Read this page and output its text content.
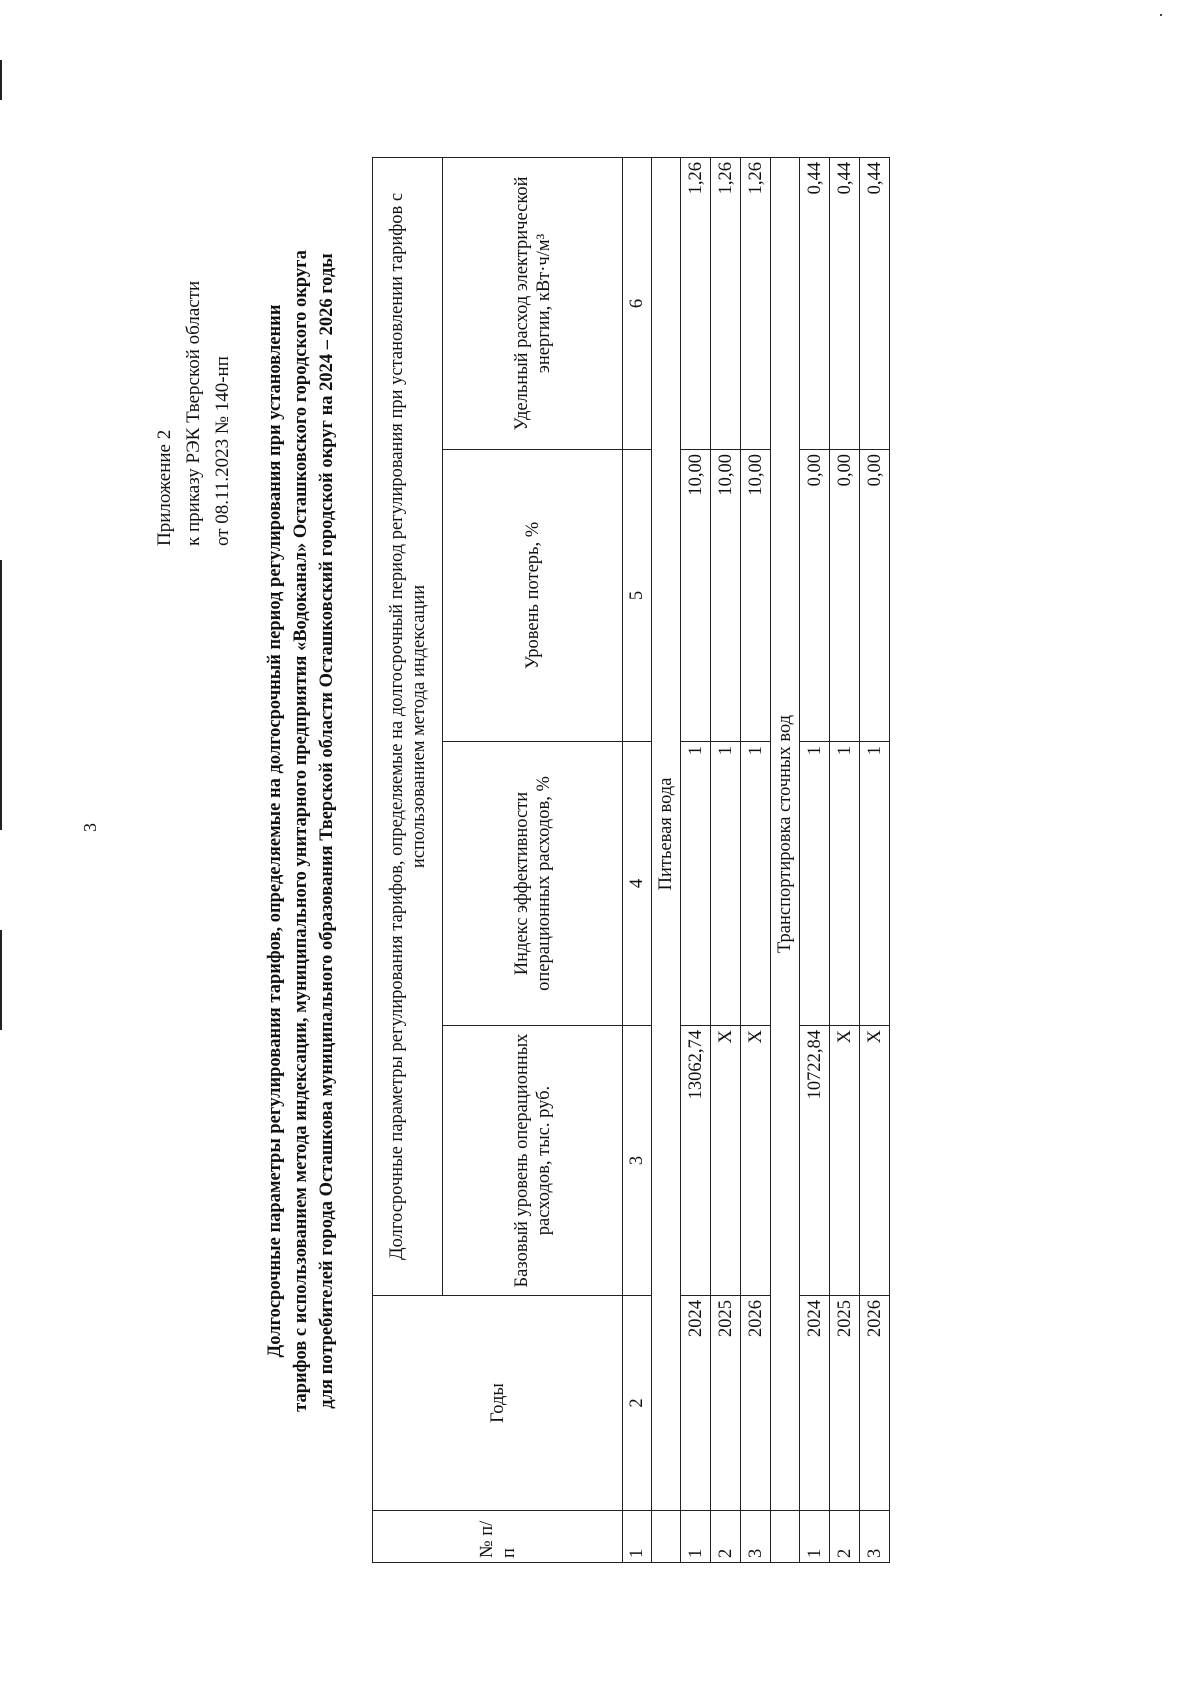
3
Приложение 2 к приказу РЭК Тверской области от 08.11.2023 № 140-нп Долгосрочные параметры регулирования тарифов, определяемые на долгосрочный период регулирования при установлении тарифов с использованием метода индексации, муниципального унитарного предприятия «Водоканал» Осташковского городского округа для потребителей города Осташкова муниципального образования Тверской области Осташковский городской округ на 2024 – 2026 годы
№ п/п	Годы	Долгосрочные параметры регулирования тарифов, определяемые на долгосрочный период регулирования при установлении тарифов с использованием метода индексации			
		Базовый уровень операционных расходов, тыс. руб.	Индекс эффективности операционных расходов, %	Уровень потерь, %	Удельный расход электрической энергии, кВт·ч/м³
1	2	3	4	5	6
	Питьевая вода				
1	2024	13062,74	1	10,00	1,26
2	2025	Х	1	10,00	1,26
3	2026	Х	1	10,00	1,26
	Транспортировка сточных вод				
1	2024	10722,84	1	0,00	0,44
2	2025	Х	1	0,00	0,44
3	2026	Х	1	0,00	0,44
